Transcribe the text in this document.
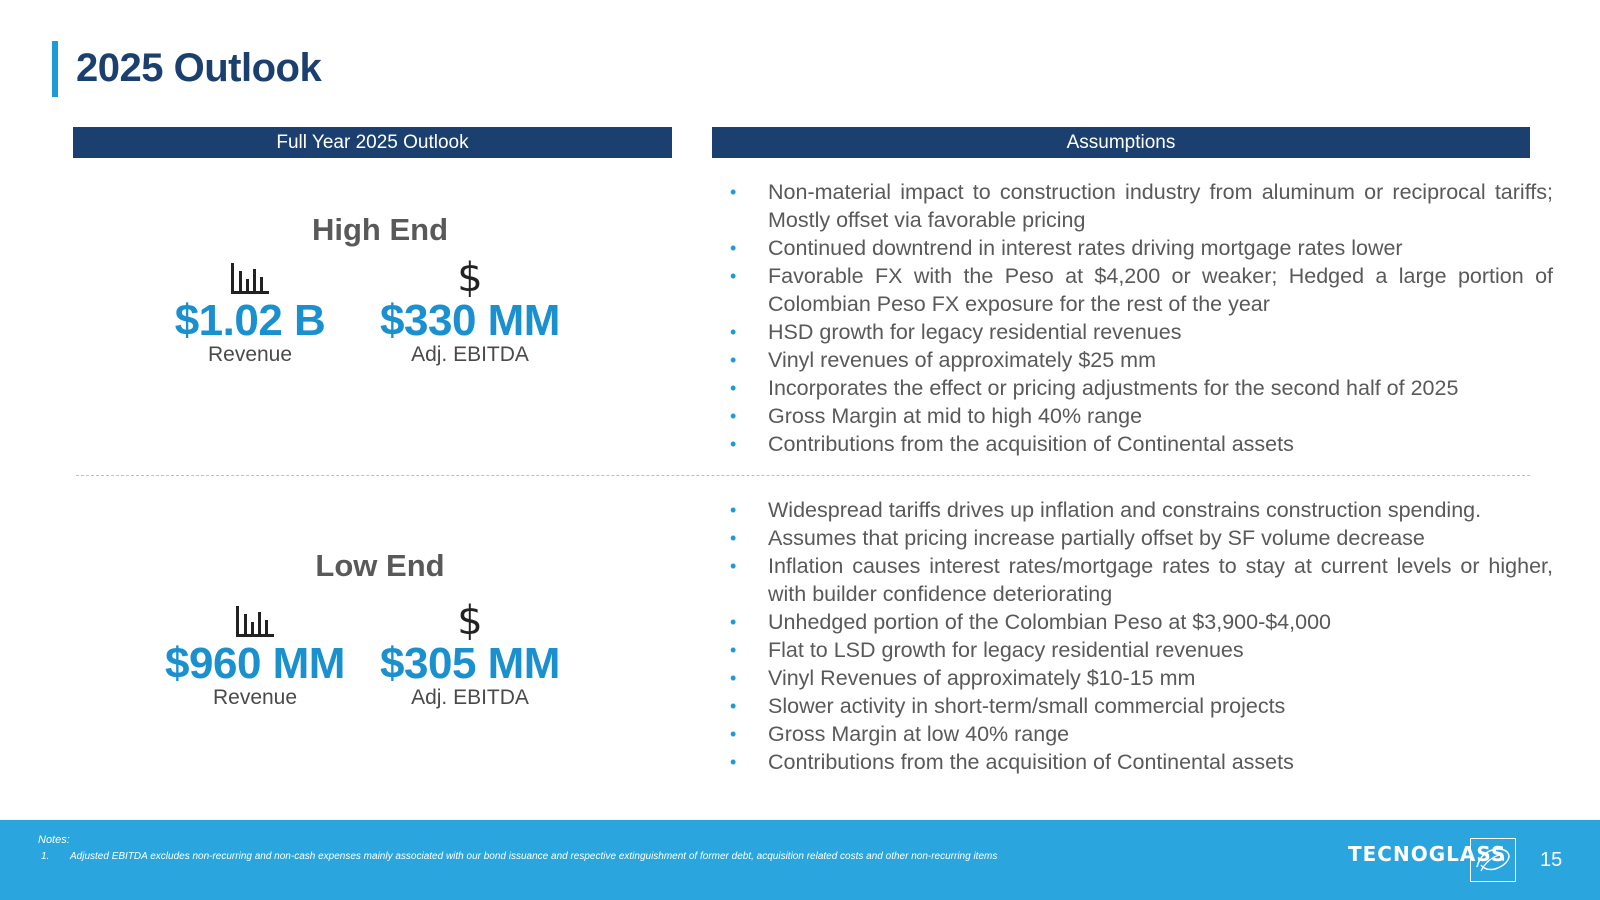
2025 Outlook
Full Year 2025 Outlook	Assumptions
High End
$1.02 B
Revenue
$
$330 MM
Adj. EBITDA
• Non-material impact to construction industry from aluminum or reciprocal tariffs; Mostly offset via favorable pricing
• Continued downtrend in interest rates driving mortgage rates lower
• Favorable FX with the Peso at $4,200 or weaker; Hedged a large portion of Colombian Peso FX exposure for the rest of the year
• HSD growth for legacy residential revenues
• Vinyl revenues of approximately $25 mm
• Incorporates the effect or pricing adjustments for the second half of 2025
• Gross Margin at mid to high 40% range
• Contributions from the acquisition of Continental assets
Low End
$960 MM
Revenue
$
$305 MM
Adj. EBITDA
• Widespread tariffs drives up inflation and constrains construction spending.
• Assumes that pricing increase partially offset by SF volume decrease
• Inflation causes interest rates/mortgage rates to stay at current levels or higher, with builder confidence deteriorating
• Unhedged portion of the Colombian Peso at $3,900-$4,000
• Flat to LSD growth for legacy residential revenues
• Vinyl Revenues of approximately $10-15 mm
• Slower activity in short-term/small commercial projects
• Gross Margin at low 40% range
• Contributions from the acquisition of Continental assets
Notes:
1. Adjusted EBITDA excludes non-recurring and non-cash expenses mainly associated with our bond issuance and respective extinguishment of former debt, acquisition related costs and other non-recurring items	TECNOGLASS 15
